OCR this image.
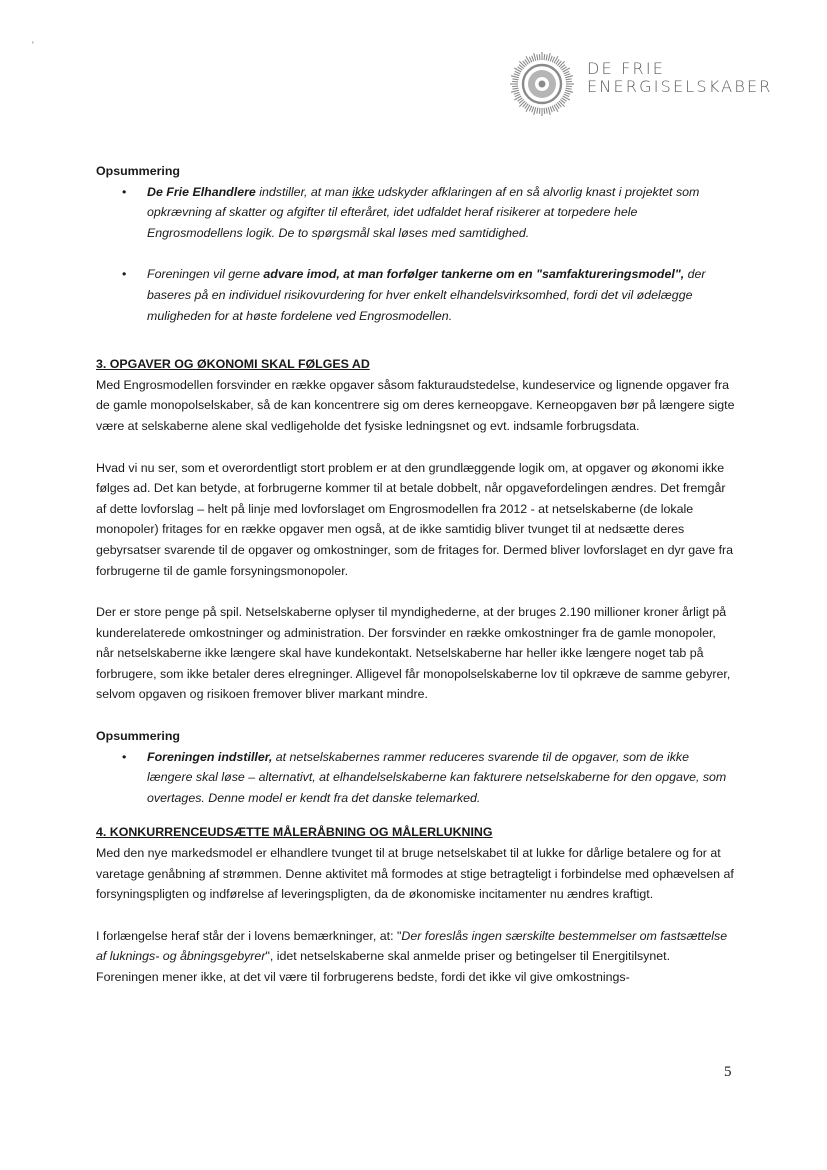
'
DE FRIE
ENERGISELSKABER

Opsummering

• De Frie Elhandlere indstiller, at man ikke udskyder afklaringen af en så alvorlig knast i projektet som opkrævning af skatter og afgifter til efteråret, idet udfaldet heraf risikerer at torpedere hele Engrosmodellens logik. De to spørgsmål skal løses med samtidighed.
• Foreningen vil gerne advare imod, at man forfølger tankerne om en "samfaktureringsmodel", der baseres på en individuel risikovurdering for hver enkelt elhandelsvirksomhed, fordi det vil ødelægge muligheden for at høste fordelene ved Engrosmodellen.

3. OPGAVER OG ØKONOMI SKAL FØLGES AD

Med Engrosmodellen forsvinder en række opgaver såsom fakturaudstedelse, kundeservice og lignende opgaver fra de gamle monopolselskaber, så de kan koncentrere sig om deres kerneopgave. Kerneopgaven bør på længere sigte være at selskaberne alene skal vedligeholde det fysiske ledningsnet og evt. indsamle forbrugsdata.

Hvad vi nu ser, som et overordentligt stort problem er at den grundlæggende logik om, at opgaver og økonomi ikke følges ad. Det kan betyde, at forbrugerne kommer til at betale dobbelt, når opgavefordelingen ændres. Det fremgår af dette lovforslag – helt på linje med lovforslaget om Engrosmodellen fra 2012 - at netselskaberne (de lokale monopoler) fritages for en række opgaver men også, at de ikke samtidig bliver tvunget til at nedsætte deres gebyrsatser svarende til de opgaver og omkostninger, som de fritages for. Dermed bliver lovforslaget en dyr gave fra forbrugerne til de gamle forsyningsmonopoler.

Der er store penge på spil. Netselskaberne oplyser til myndighederne, at der bruges 2.190 millioner kroner årligt på kunderelaterede omkostninger og administration. Der forsvinder en række omkostninger fra de gamle monopoler, når netselskaberne ikke længere skal have kundekontakt. Netselskaberne har heller ikke længere noget tab på forbrugere, som ikke betaler deres elregninger. Alligevel får monopolselskaberne lov til opkræve de samme gebyrer, selvom opgaven og risikoen fremover bliver markant mindre.

Opsummering

• Foreningen indstiller, at netselskabernes rammer reduceres svarende til de opgaver, som de ikke længere skal løse – alternativt, at elhandelselskaberne kan fakturere netselskaberne for den opgave, som overtages. Denne model er kendt fra det danske telemarked.

4. KONKURRENCEUDSÆTTE MÅLERÅBNING OG MÅLERLUKNING

Med den nye markedsmodel er elhandlere tvunget til at bruge netselskabet til at lukke for dårlige betalere og for at varetage genåbning af strømmen. Denne aktivitet må formodes at stige betragteligt i forbindelse med ophævelsen af forsyningspligten og indførelse af leveringspligten, da de økonomiske incitamenter nu ændres kraftigt.

I forlængelse heraf står der i lovens bemærkninger, at: "Der foreslås ingen særskilte bestemmelser om fastsættelse af luknings- og åbningsgebyrer", idet netselskaberne skal anmelde priser og betingelser til Energitilsynet. Foreningen mener ikke, at det vil være til forbrugerens bedste, fordi det ikke vil give omkostnings-

5
